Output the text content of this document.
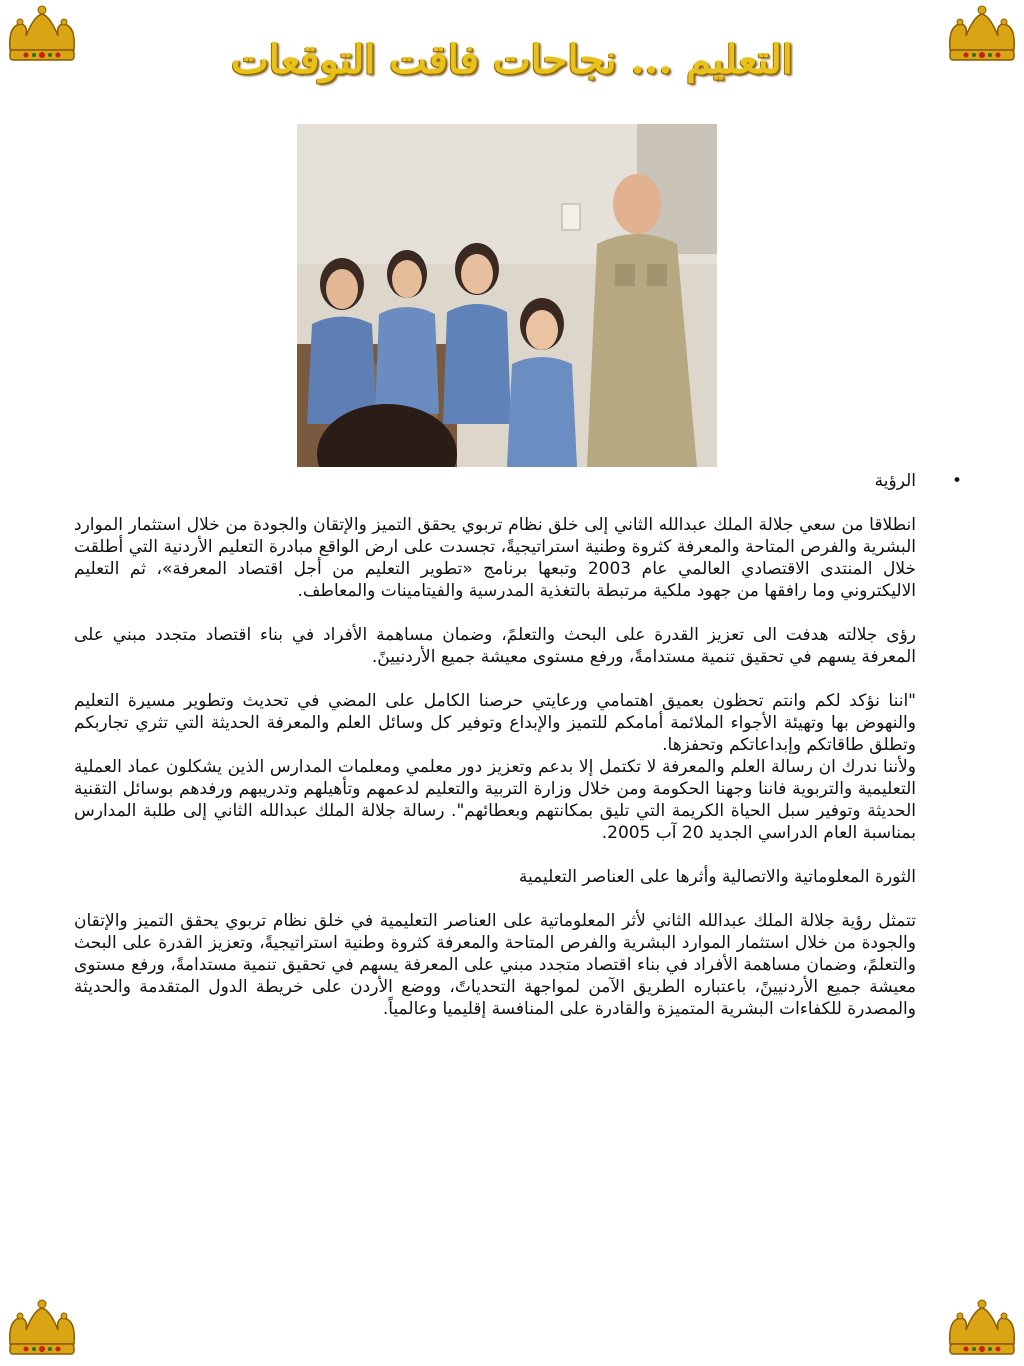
التعليم ... نجاحات فاقت التوقعات

•
الرؤية

انطلاقا من سعي جلالة الملك عبدالله الثاني إلى خلق نظام تربوي يحقق التميز والإتقان والجودة من خلال استثمار الموارد البشرية والفرص المتاحة والمعرفة كثروة وطنية استراتيجيةً، تجسدت على ارض الواقع مبادرة التعليم الأردنية التي أطلقت خلال المنتدى الاقتصادي العالمي عام 2003 وتبعها برنامج «تطوير التعليم من أجل اقتصاد المعرفة»، ثم التعليم الاليكتروني وما رافقها من جهود ملكية مرتبطة بالتغذية المدرسية والفيتامينات والمعاطف.

رؤى جلالته هدفت الى تعزيز القدرة على البحث والتعلمً، وضمان مساهمة الأفراد في بناء اقتصاد متجدد مبني على المعرفة يسهم في تحقيق تنمية مستدامةً، ورفع مستوى معيشة جميع الأردنيينً.

"اننا نؤكد لكم وانتم تحظون بعميق اهتمامي ورعايتي حرصنا الكامل على المضي في تحديث وتطوير مسيرة التعليم والنهوض بها وتهيئة الأجواء الملائمة أمامكم للتميز والإبداع وتوفير كل وسائل العلم والمعرفة الحديثة التي تثري تجاربكم وتطلق طاقاتكم وإبداعاتكم وتحفزها.

ولأننا ندرك ان رسالة العلم والمعرفة لا تكتمل إلا بدعم وتعزيز دور معلمي ومعلمات المدارس الذين يشكلون عماد العملية التعليمية والتربوية فاننا وجهنا الحكومة ومن خلال وزارة التربية والتعليم لدعمهم وتأهيلهم وتدريبهم ورفدهم بوسائل التقنية الحديثة وتوفير سبل الحياة الكريمة التي تليق بمكانتهم وبعطائهم". رسالة جلالة الملك عبدالله الثاني إلى طلبة المدارس بمناسبة العام الدراسي الجديد 20 آب 2005.

الثورة المعلوماتية والاتصالية وأثرها على العناصر التعليمية

تتمثل رؤية جلالة الملك عبدالله الثاني لأثر المعلوماتية على العناصر التعليمية في خلق نظام تربوي يحقق التميز والإتقان والجودة من خلال استثمار الموارد البشرية والفرص المتاحة والمعرفة كثروة وطنية استراتيجيةً، وتعزيز القدرة على البحث والتعلمً، وضمان مساهمة الأفراد في بناء اقتصاد متجدد مبني على المعرفة يسهم في تحقيق تنمية مستدامةً، ورفع مستوى معيشة جميع الأردنيينً، باعتباره الطريق الآمن لمواجهة التحدياتً، ووضع الأردن على خريطة الدول المتقدمة والحديثة والمصدرة للكفاءات البشرية المتميزة والقادرة على المنافسة إقليميا وعالمياً.
